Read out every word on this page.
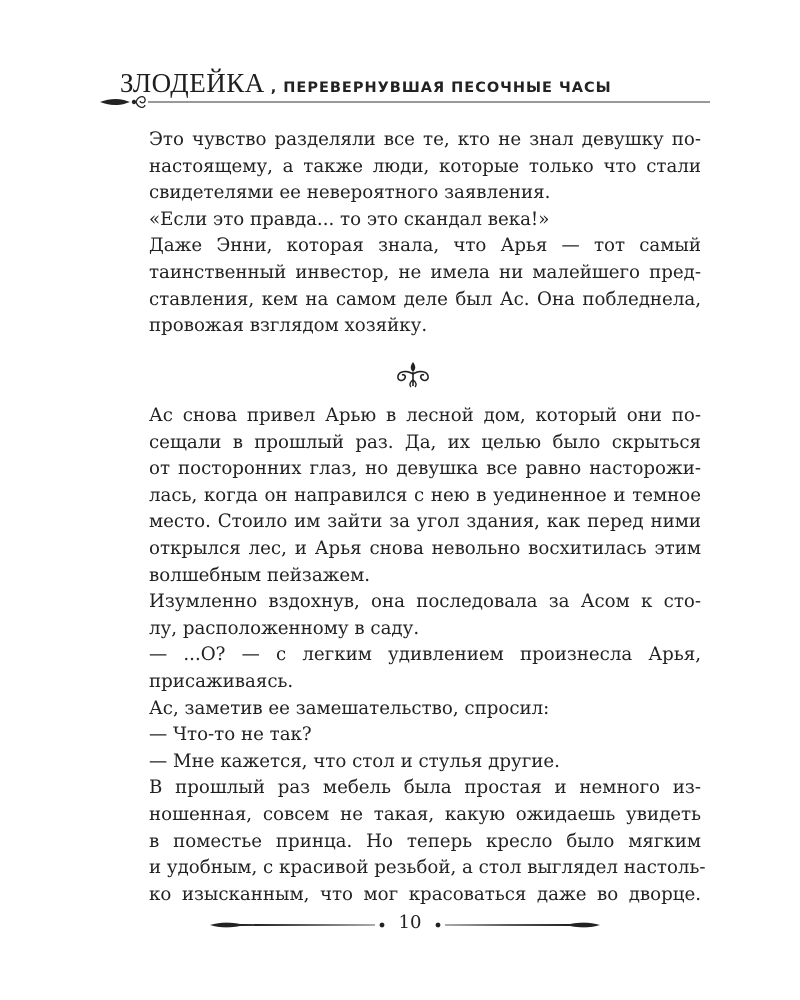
ЗЛОДЕЙКА , ПЕРЕВЕРНУВШАЯ ПЕСОЧНЫЕ ЧАСЫ
Это чувство разделяли все те, кто не знал девушку по-
настоящему, а также люди, которые только что стали
свидетелями ее невероятного заявления.
«Если это правда... то это скандал века!»
Даже Энни, которая знала, что Арья — тот самый
таинственный инвестор, не имела ни малейшего пред-
ставления, кем на самом деле был Ас. Она побледнела,
провожая взглядом хозяйку.
Ас снова привел Арью в лесной дом, который они по-
сещали в прошлый раз. Да, их целью было скрыться
от посторонних глаз, но девушка все равно насторожи-
лась, когда он направился с нею в уединенное и темное
место. Стоило им зайти за угол здания, как перед ними
открылся лес, и Арья снова невольно восхитилась этим
волшебным пейзажем.
Изумленно вздохнув, она последовала за Асом к сто-
лу, расположенному в саду.
— ...О? — с легким удивлением произнесла Арья,
присаживаясь.
Ас, заметив ее замешательство, спросил:
— Что-то не так?
— Мне кажется, что стол и стулья другие.
В прошлый раз мебель была простая и немного из-
ношенная, совсем не такая, какую ожидаешь увидеть
в поместье принца. Но теперь кресло было мягким
и удобным, с красивой резьбой, а стол выглядел настоль-
ко изысканным, что мог красоваться даже во дворце.
10
